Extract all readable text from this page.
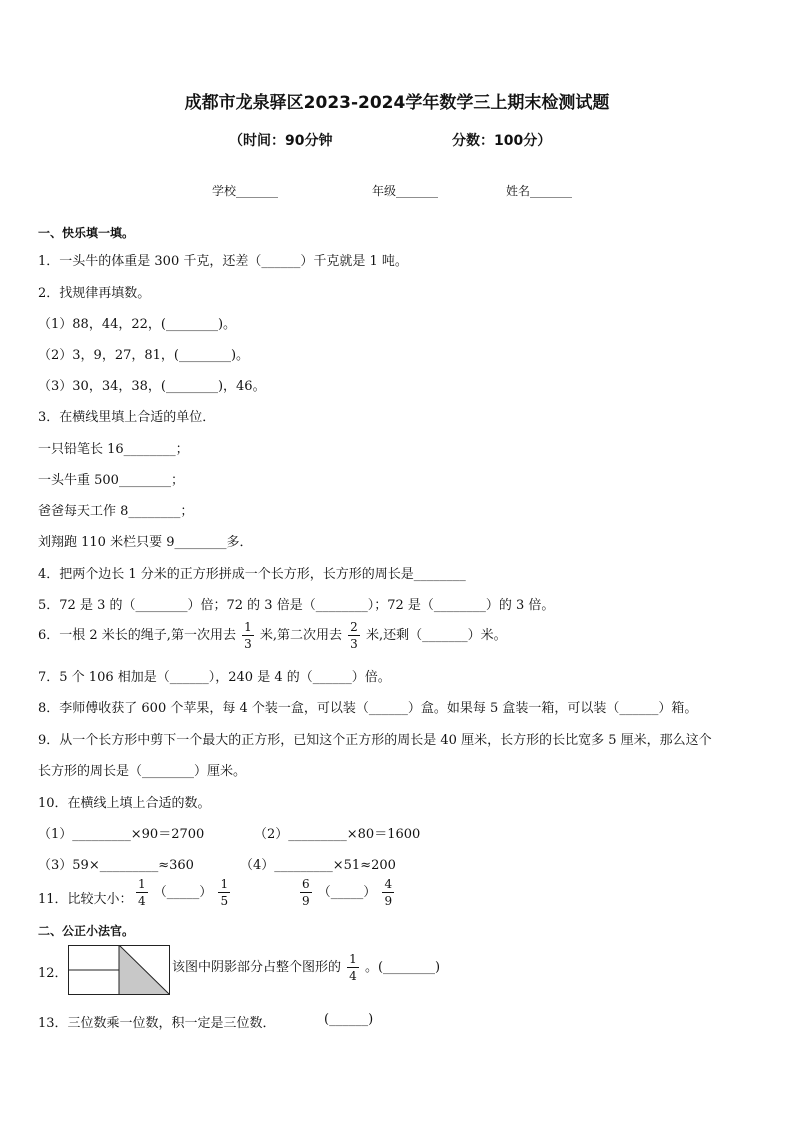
成都市龙泉驿区2023-2024学年数学三上期末检测试题
（时间：90分钟	分数：100分）
学校_______	年级_______	姓名_______
一、快乐填一填。
1．一头牛的体重是 300 千克，还差（______）千克就是 1 吨。
2．找规律再填数。
（1）88，44，22，(________)。
（2）3，9，27，81，(________)。
（3）30，34，38，(________)，46。
3．在横线里填上合适的单位．
一只铅笔长 16________；
一头牛重 500________；
爸爸每天工作 8________；
刘翔跑 110 米栏只要 9________多．
4．把两个边长 1 分米的正方形拼成一个长方形，长方形的周长是________
5．72 是 3 的（________）倍；72 的 3 倍是（________）；72 是（________）的 3 倍。
6．一根 2 米长的绳子,第一次用去 $\frac{1}{3}$ 米,第二次用去 $\frac{2}{3}$ 米,还剩（_______）米。
7．5 个 106 相加是（______），240 是 4 的（______）倍。
8．李师傅收获了 600 个苹果，每 4 个装一盒，可以装（______）盒。如果每 5 盒装一箱，可以装（______）箱。
9．从一个长方形中剪下一个最大的正方形，已知这个正方形的周长是 40 厘米，长方形的长比宽多 5 厘米，那么这个
长方形的周长是（________）厘米。
10．在横线上填上合适的数。
（1）_________×90＝2700	（2）_________×80＝1600
（3）59×_________≈360	（4）_________×51≈200
11．比较大小： $\frac{1}{4}$ （_____） $\frac{1}{5}$	$\frac{6}{9}$ （_____） $\frac{4}{9}$
二、公正小法官。
12．	该图中阴影部分占整个图形的 $\frac{1}{4}$ 。(________)
13．三位数乘一位数，积一定是三位数．	(______)
